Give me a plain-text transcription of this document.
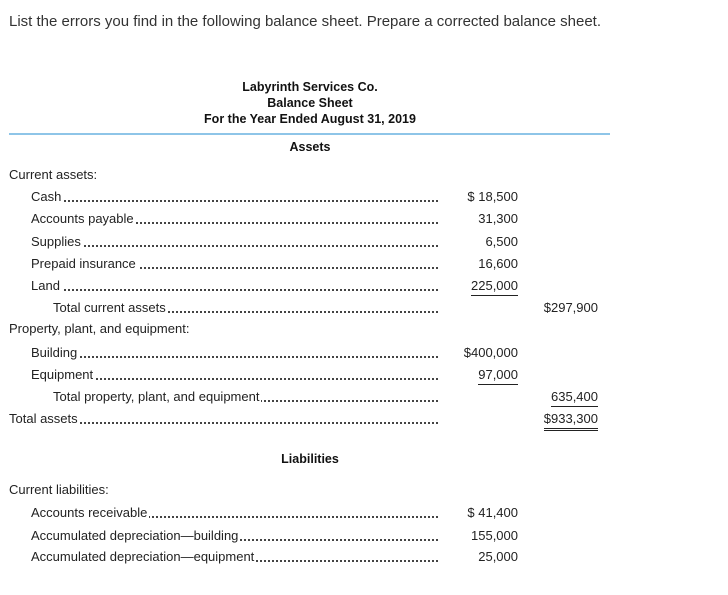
List the errors you find in the following balance sheet. Prepare a corrected balance sheet.
Labyrinth Services Co.
Balance Sheet
For the Year Ended August 31, 2019
Assets
Current assets:
Cash	$ 18,500
Accounts payable	31,300
Supplies	6,500
Prepaid insurance	16,600
Land	225,000
Total current assets	$297,900
Property, plant, and equipment:
Building	$400,000
Equipment	97,000
Total property, plant, and equipment	635,400
Total assets	$933,300
Liabilities
Current liabilities:
Accounts receivable	$ 41,400
Accumulated depreciation—building	155,000
Accumulated depreciation—equipment	25,000
